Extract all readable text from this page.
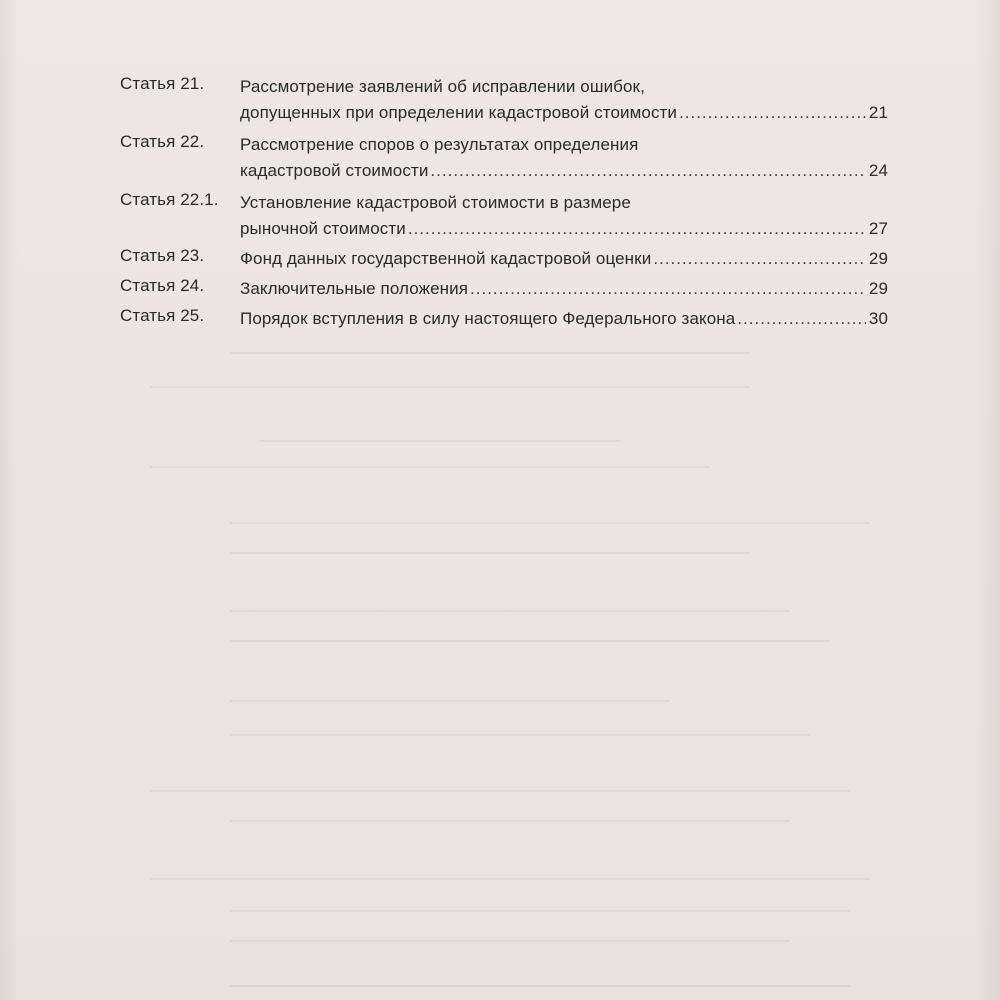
Статья 21.	Рассмотрение заявлений об исправлении ошибок,
допущенных при определении кадастровой стоимости .....	21
Статья 22.	Рассмотрение споров о результатах определения
кадастровой стоимости .....	24
Статья 22.1.	Установление кадастровой стоимости в размере
рыночной стоимости .....	27
Статья 23.	Фонд данных государственной кадастровой оценки .....	29
Статья 24.	Заключительные положения .....	29
Статья 25.	Порядок вступления в силу настоящего Федерального закона .....	30
